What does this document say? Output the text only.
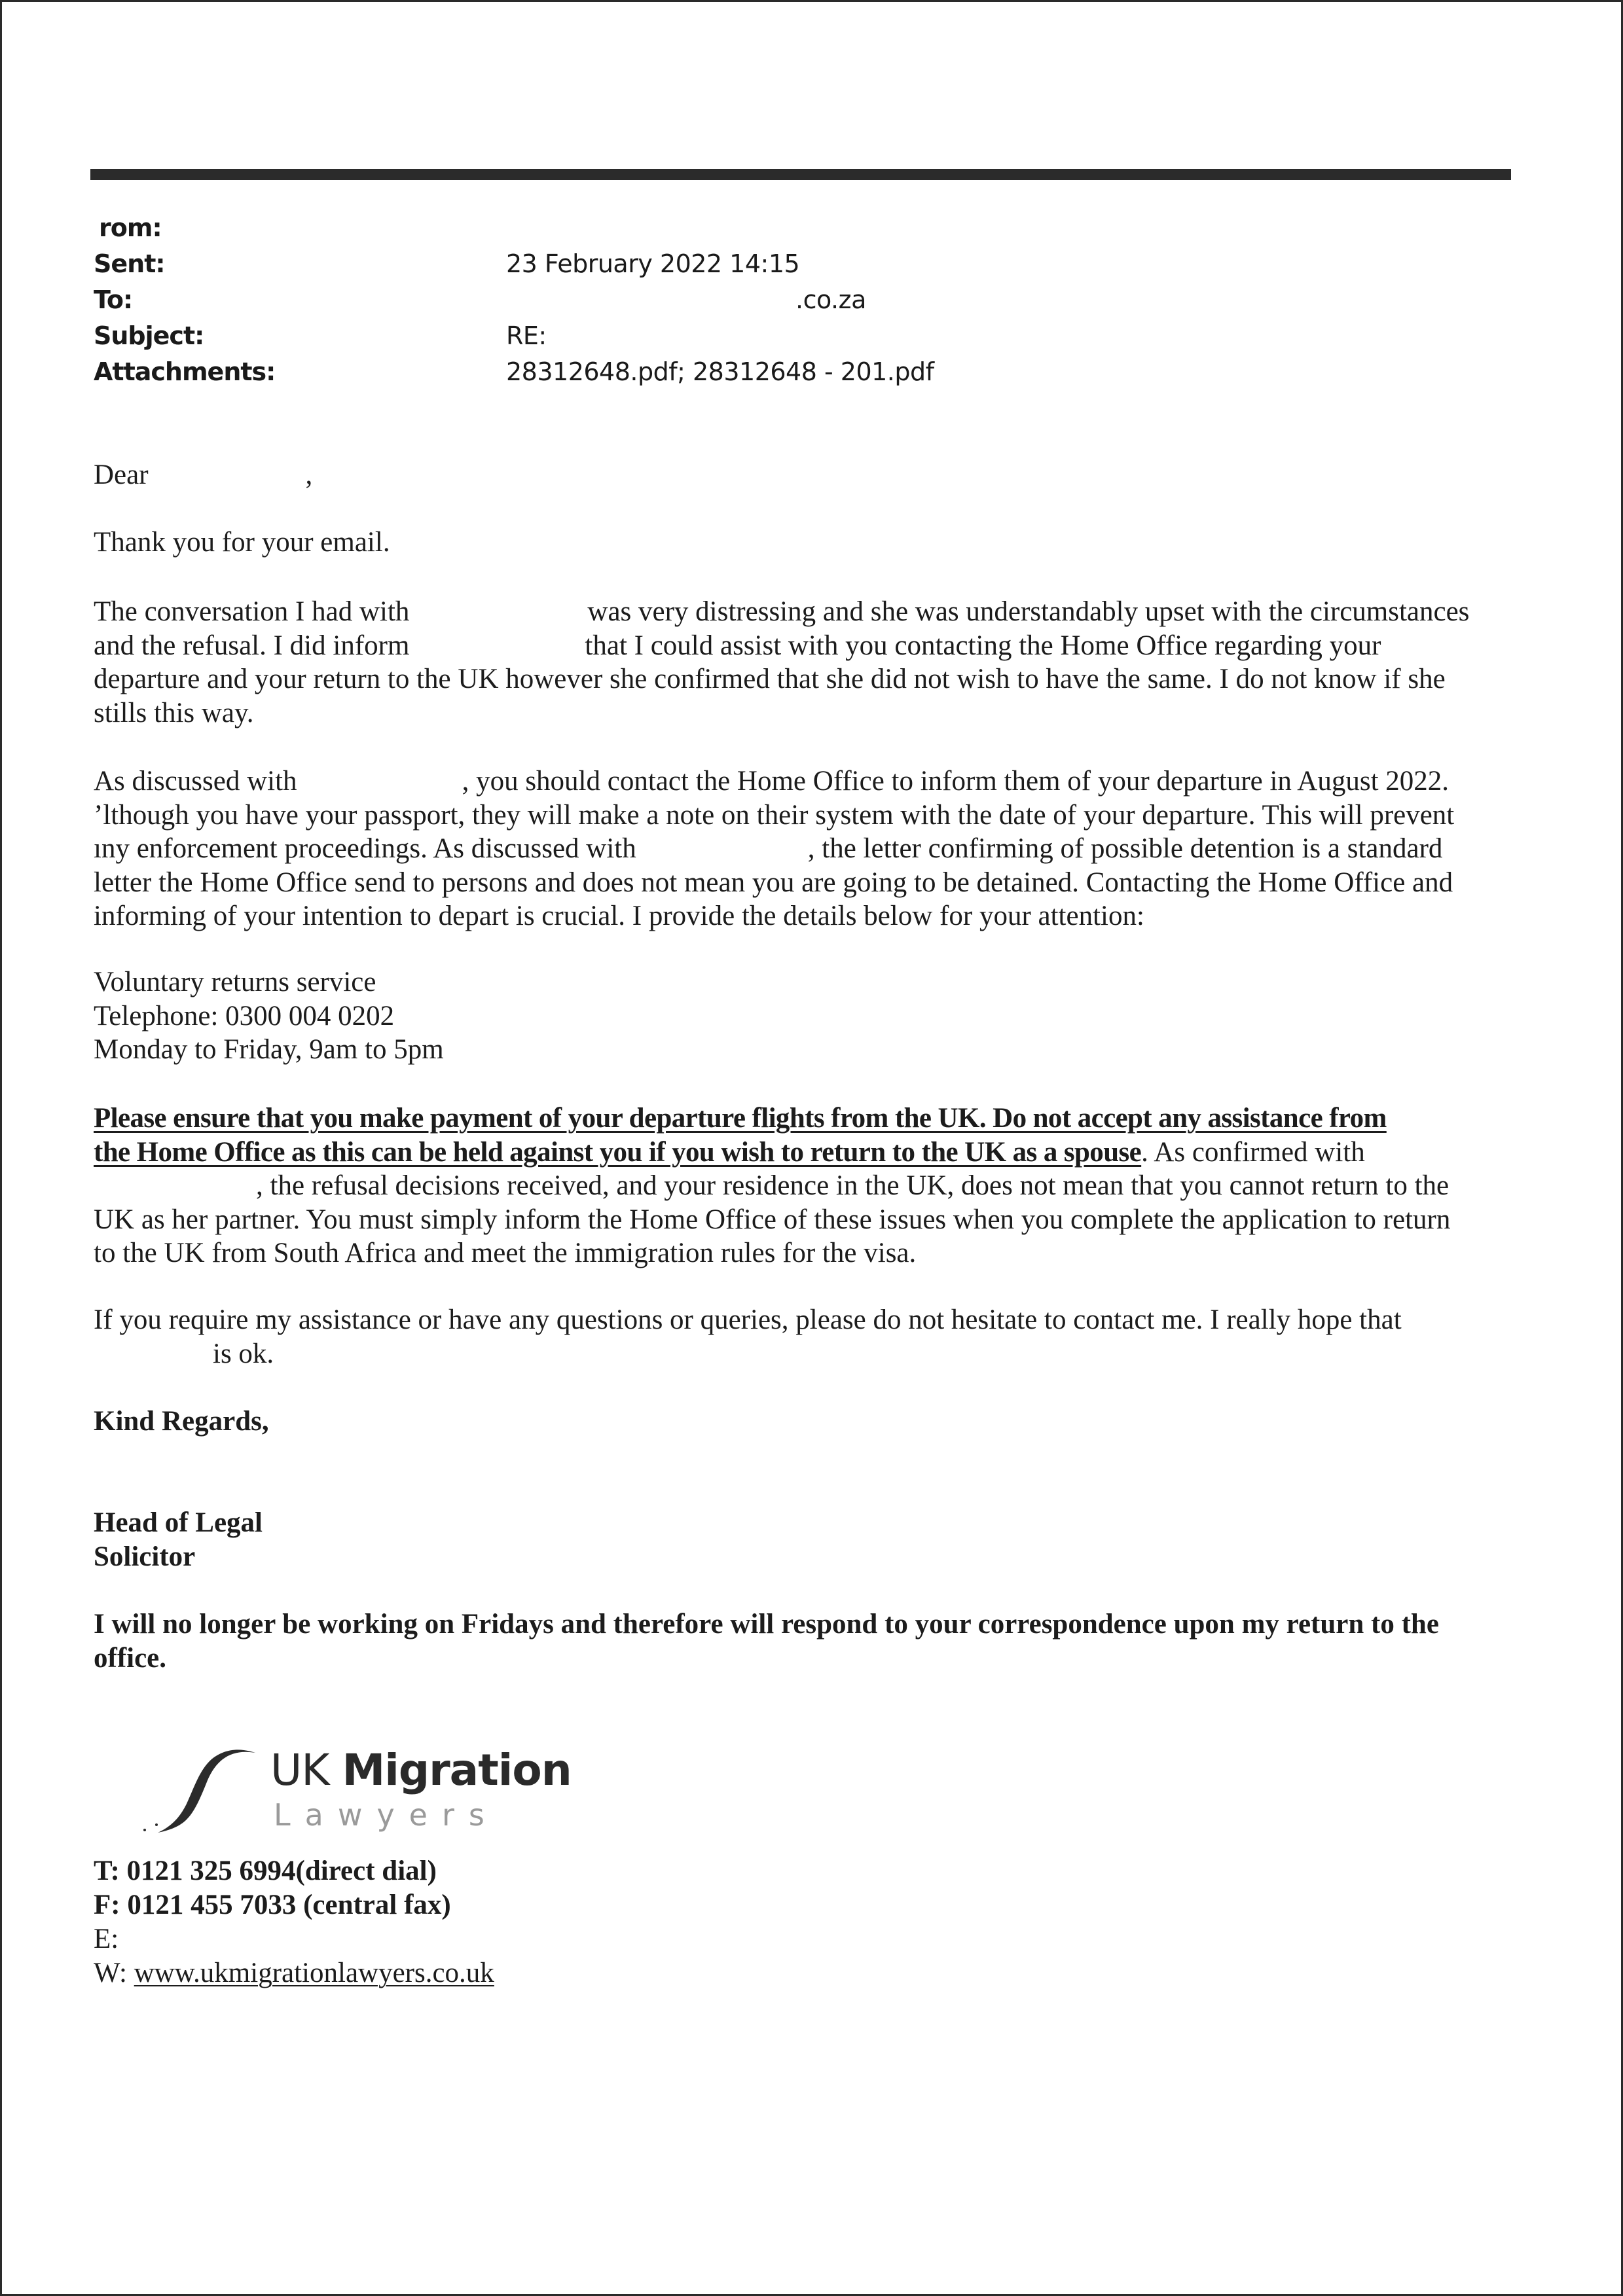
rom:
Sent:	23 February 2022 14:15
To:	.co.za
Subject:	RE:
Attachments:	28312648.pdf; 28312648 - 201.pdf
Dear	,
Thank you for your email.
The conversation I had with	was very distressing and she was understandably upset with the circumstances
and the refusal. I did inform	that I could assist with you contacting the Home Office regarding your
departure and your return to the UK however she confirmed that she did not wish to have the same. I do not know if she
stills this way.
As discussed with	, you should contact the Home Office to inform them of your departure in August 2022.
’lthough you have your passport, they will make a note on their system with the date of your departure. This will prevent
ıny enforcement proceedings. As discussed with	, the letter confirming of possible detention is a standard
letter the Home Office send to persons and does not mean you are going to be detained. Contacting the Home Office and
informing of your intention to depart is crucial. I provide the details below for your attention:
Voluntary returns service
Telephone: 0300 004 0202
Monday to Friday, 9am to 5pm
Please ensure that you make payment of your departure flights from the UK. Do not accept any assistance from
the Home Office as this can be held against you if you wish to return to the UK as a spouse. As confirmed with
, the refusal decisions received, and your residence in the UK, does not mean that you cannot return to the
UK as her partner. You must simply inform the Home Office of these issues when you complete the application to return
to the UK from South Africa and meet the immigration rules for the visa.
If you require my assistance or have any questions or queries, please do not hesitate to contact me. I really hope that
is ok.
Kind Regards,
Head of Legal
Solicitor
I will no longer be working on Fridays and therefore will respond to your correspondence upon my return to the
office.
UK Migration
Lawyers
T: 0121 325 6994(direct dial)
F: 0121 455 7033 (central fax)
E:
W: www.ukmigrationlawyers.co.uk
